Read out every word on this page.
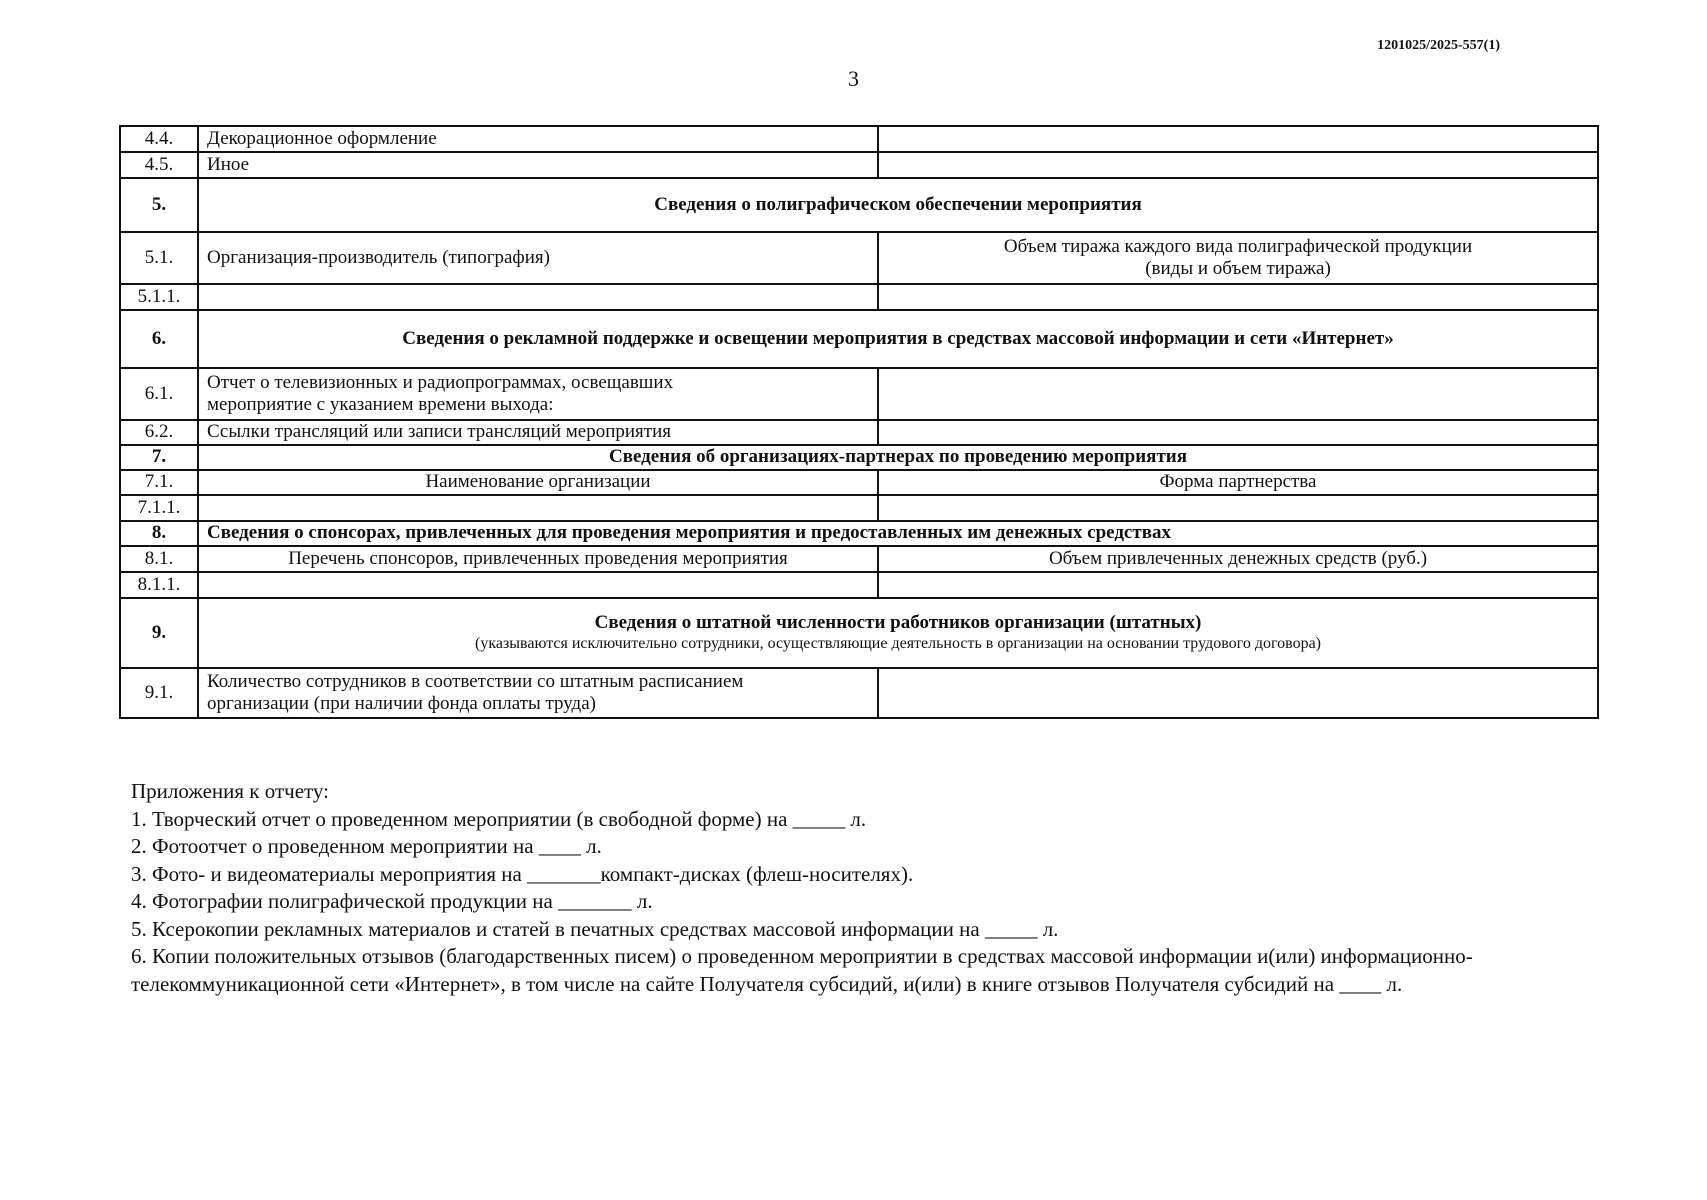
1201025/2025-557(1)
3
4.4.	Декорационное оформление	
4.5.	Иное	
5.	Сведения о полиграфическом обеспечении мероприятия	
5.1.	Организация-производитель (типография)	Объем тиража каждого вида полиграфической продукции
(виды и объем тиража)

5.1.1.		
6.	Сведения о рекламной поддержке и освещении мероприятия в средствах массовой информации и сети «Интернет»	
6.1.	Отчет о телевизионных и радиопрограммах, освещавших
мероприятие с указанием времени выхода:	

6.2.	Ссылки трансляций или записи трансляций мероприятия	
7.	Сведения об организациях-партнерах по проведению мероприятия	
7.1.	Наименование организации	Форма партнерства
7.1.1.		
8.	Сведения о спонсорах, привлеченных для проведения мероприятия и предоставленных им денежных средствах	
8.1.	Перечень спонсоров, привлеченных проведения мероприятия	Объем привлеченных денежных средств (руб.)
8.1.1.		
9.	Сведения о штатной численности работников организации (штатных)
(указываются исключительно сотрудники, осуществляющие деятельность в организации на основании трудового договора)	

9.1.	Количество сотрудников в соответствии со штатным расписанием
организации (при наличии фонда оплаты труда)	

Приложения к отчету:
1. Творческий отчет о проведенном мероприятии (в свободной форме) на _____ л.
2. Фотоотчет о проведенном мероприятии на ____ л.
3. Фото- и видеоматериалы мероприятия на _______компакт-дисках (флеш-носителях).
4. Фотографии полиграфической продукции на _______ л.
5. Ксерокопии рекламных материалов и статей в печатных средствах массовой информации на _____ л.
6. Копии положительных отзывов (благодарственных писем) о проведенном мероприятии в средствах массовой информации и(или) информационно-телекоммуникационной сети «Интернет», в том числе на сайте Получателя субсидий, и(или) в книге отзывов Получателя субсидий на ____ л.
